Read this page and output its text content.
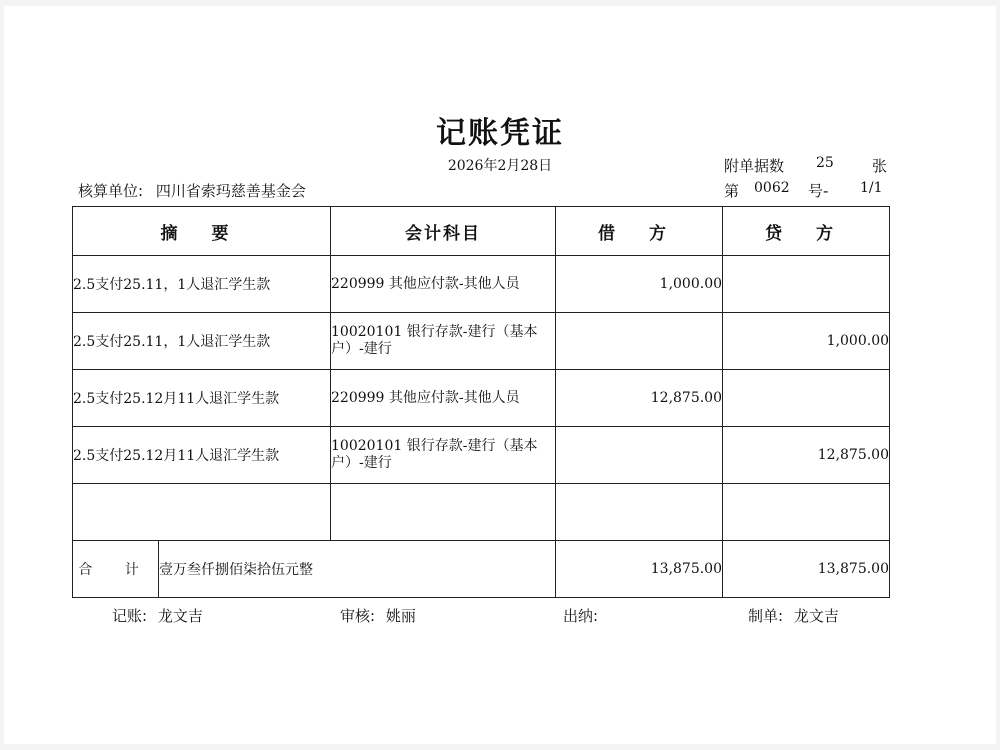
记账凭证
2026年2月28日	附单据数 25	张
核算单位: 四川省索玛慈善基金会	第 0062 号- 1/1
摘 要		会计科目	借 方	贷 方
2.5支付25.11，1人退汇学生款		220999 其他应付款-其他人员	1,000.00	
2.5支付25.11，1人退汇学生款		10020101 银行存款-建行（基本户）-建行		1,000.00
2.5支付25.12月11人退汇学生款		220999 其他应付款-其他人员	12,875.00	
2.5支付25.12月11人退汇学生款		10020101 银行存款-建行（基本户）-建行		12,875.00

合 计	壹万叁仟捌佰柒拾伍元整		13,875.00	13,875.00
记账: 龙文吉	审核: 姚丽	出纳:	制单: 龙文吉
